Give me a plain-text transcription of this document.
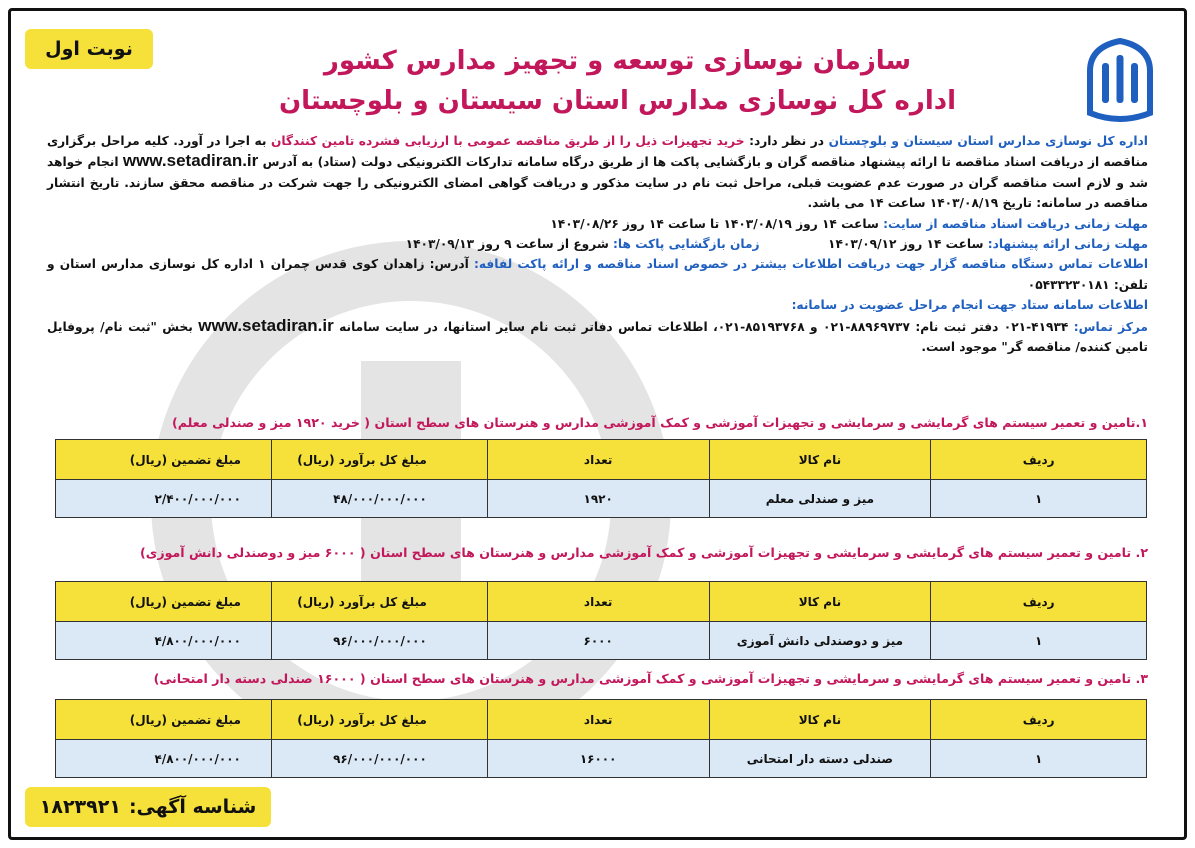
نوبت اول	سازمان نوسازی توسعه و تجهیز مدارس کشور
اداره کل نوسازی مدارس استان سیستان و بلوچستان
اداره کل نوسازی مدارس استان سیستان و بلوچستان در نظر دارد: خرید تجهیزات ذیل را از طریق مناقصه عمومی با ارزیابی فشرده تامین کنندگان به اجرا در آورد. کلیه مراحل برگزاری مناقصه از دریافت اسناد مناقصه تا ارائه پیشنهاد مناقصه گران و بازگشایی پاکت ها از طریق درگاه سامانه تدارکات الکترونیکی دولت (ستاد) به آدرس www.setadiran.ir انجام خواهد شد و لازم است مناقصه گران در صورت عدم عضویت قبلی، مراحل ثبت نام در سایت مذکور و دریافت گواهی امضای الکترونیکی را جهت شرکت در مناقصه محقق سازند. تاریخ انتشار مناقصه در سامانه: تاریخ ۱۴۰۳/۰۸/۱۹ ساعت ۱۴ می باشد.
مهلت زمانی دریافت اسناد مناقصه از سایت: ساعت ۱۴ روز ۱۴۰۳/۰۸/۱۹ تا ساعت ۱۴ روز ۱۴۰۳/۰۸/۲۶
مهلت زمانی ارائه پیشنهاد: ساعت ۱۴ روز ۱۴۰۳/۰۹/۱۲  زمان بازگشایی پاکت ها: شروع از ساعت ۹ روز ۱۴۰۳/۰۹/۱۳
اطلاعات تماس دستگاه مناقصه گزار جهت دریافت اطلاعات بیشتر در خصوص اسناد مناقصه و ارائه پاکت لفافه: آدرس: زاهدان کوی قدس چمران ۱ اداره کل نوسازی مدارس استان و تلفن: ۰۵۴۳۳۲۳۰۱۸۱
اطلاعات سامانه ستاد جهت انجام مراحل عضویت در سامانه:
مرکز تماس: ۴۱۹۳۴-۰۲۱ دفتر ثبت نام: ۸۸۹۶۹۷۳۷-۰۲۱ و ۸۵۱۹۳۷۶۸-۰۲۱، اطلاعات تماس دفاتر ثبت نام سایر استانها، در سایت سامانه www.setadiran.ir بخش "ثبت نام/ پروفایل تامین کننده/ مناقصه گر" موجود است.
۱.تامین و تعمیر سیستم های گرمایشی و سرمایشی و تجهیزات آموزشی و کمک آموزشی مدارس و هنرستان های سطح استان ( خرید ۱۹۲۰ میز و صندلی معلم)
ردیف	نام کالا	تعداد	مبلغ کل برآورد (ریال)	مبلغ تضمین (ریال)
۱	میز و صندلی معلم	۱۹۲۰	۴۸/۰۰۰/۰۰۰/۰۰۰	۲/۴۰۰/۰۰۰/۰۰۰
۲. تامین و تعمیر سیستم های گرمایشی و سرمایشی و تجهیزات آموزشی و کمک آموزشی مدارس و هنرستان های سطح استان ( ۶۰۰۰ میز و دوصندلی دانش آموزی)
ردیف	نام کالا	تعداد	مبلغ کل برآورد (ریال)	مبلغ تضمین (ریال)
۱	میز و دوصندلی دانش آموزی	۶۰۰۰	۹۶/۰۰۰/۰۰۰/۰۰۰	۴/۸۰۰/۰۰۰/۰۰۰
۳. تامین و تعمیر سیستم های گرمایشی و سرمایشی و تجهیزات آموزشی و کمک آموزشی مدارس و هنرستان های سطح استان ( ۱۶۰۰۰ صندلی دسته دار امتحانی)
ردیف	نام کالا	تعداد	مبلغ کل برآورد (ریال)	مبلغ تضمین (ریال)
۱	صندلی دسته دار امتحانی	۱۶۰۰۰	۹۶/۰۰۰/۰۰۰/۰۰۰	۴/۸۰۰/۰۰۰/۰۰۰
شناسه آگهی:
۱۸۲۳۹۲۱
